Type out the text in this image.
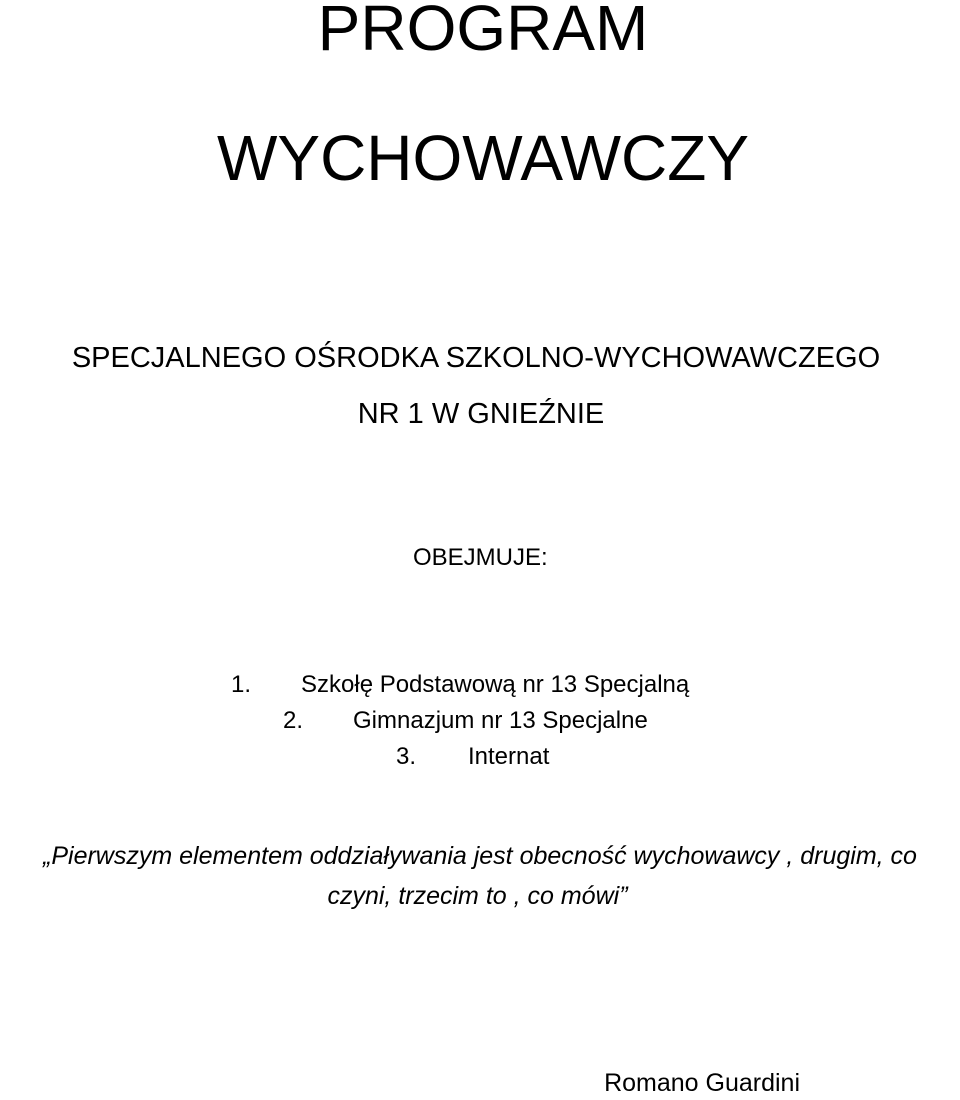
PROGRAM
WYCHOWAWCZY
SPECJALNEGO OŚRODKA SZKOLNO-WYCHOWAWCZEGO
NR 1 W GNIEŹNIE
OBEJMUJE:
1. Szkołę Podstawową nr 13 Specjalną
2. Gimnazjum nr 13 Specjalne
3. Internat
„Pierwszym elementem oddziaływania jest obecność wychowawcy , drugim, co
czyni, trzecim to , co mówi”
Romano Guardini
